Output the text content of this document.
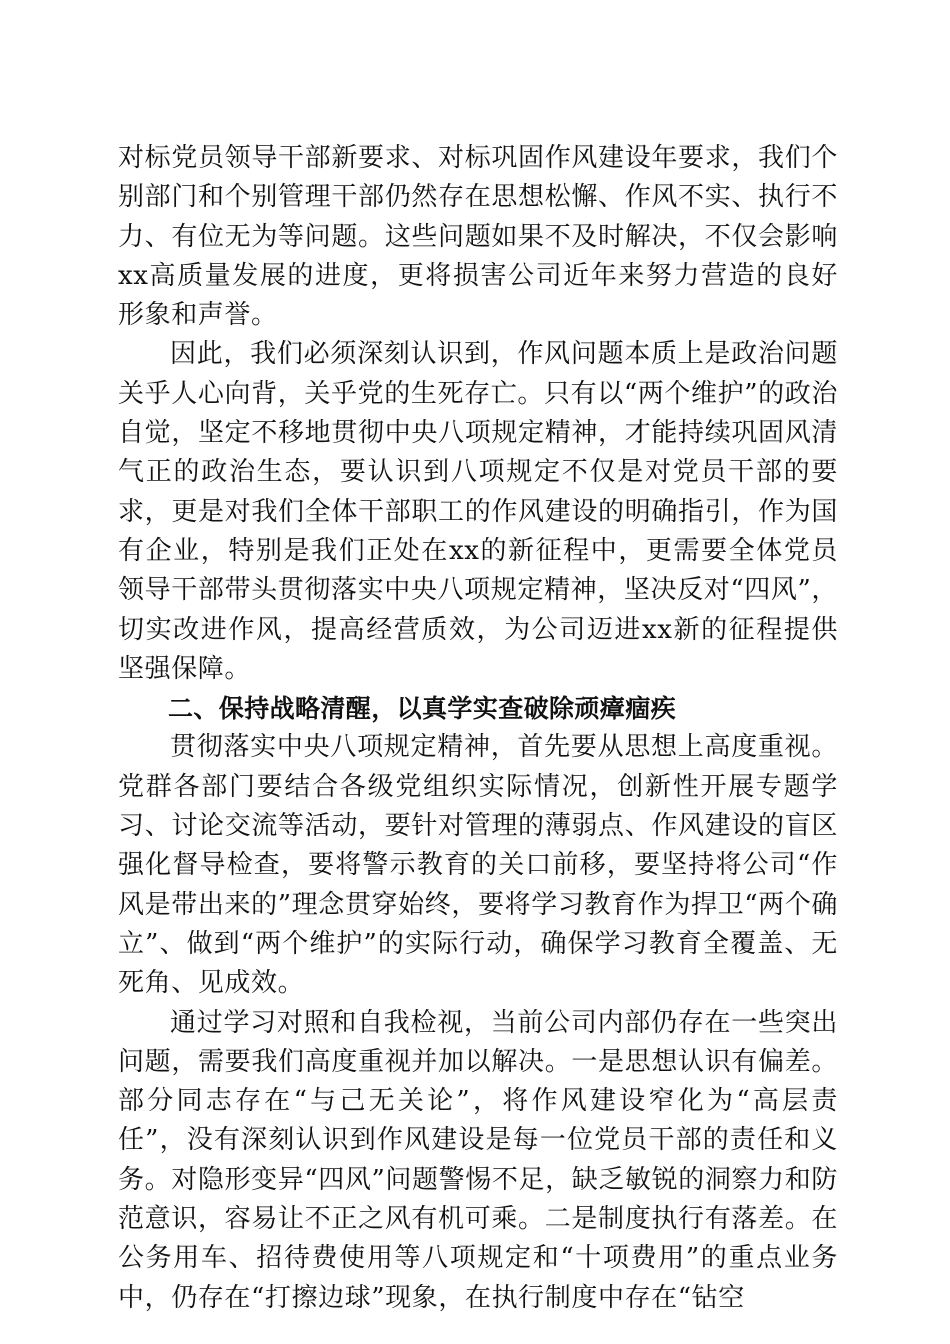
对标党员领导干部新要求、对标巩固作风建设年要求，我们个别部门和个别管理干部仍然存在思想松懈、作风不实、执行不力、有位无为等问题。这些问题如果不及时解决，不仅会影响xx高质量发展的进度，更将损害公司近年来努力营造的良好形象和声誉。

因此，我们必须深刻认识到，作风问题本质上是政治问题关乎人心向背，关乎党的生死存亡。只有以“两个维护”的政治自觉，坚定不移地贯彻中央八项规定精神，才能持续巩固风清气正的政治生态，要认识到八项规定不仅是对党员干部的要求，更是对我们全体干部职工的作风建设的明确指引，作为国有企业，特别是我们正处在xx的新征程中，更需要全体党员领导干部带头贯彻落实中央八项规定精神，坚决反对“四风”，切实改进作风，提高经营质效，为公司迈进xx新的征程提供坚强保障。

二、保持战略清醒，以真学实查破除顽瘴痼疾

贯彻落实中央八项规定精神，首先要从思想上高度重视。党群各部门要结合各级党组织实际情况，创新性开展专题学习、讨论交流等活动，要针对管理的薄弱点、作风建设的盲区强化督导检查，要将警示教育的关口前移，要坚持将公司“作风是带出来的”理念贯穿始终，要将学习教育作为捍卫“两个确立”、做到“两个维护”的实际行动，确保学习教育全覆盖、无死角、见成效。

通过学习对照和自我检视，当前公司内部仍存在一些突出问题，需要我们高度重视并加以解决。一是思想认识有偏差。部分同志存在“与己无关论”，将作风建设窄化为“高层责任”，没有深刻认识到作风建设是每一位党员干部的责任和义务。对隐形变异“四风”问题警惕不足，缺乏敏锐的洞察力和防范意识，容易让不正之风有机可乘。二是制度执行有落差。在公务用车、招待费使用等八项规定和“十项费用”的重点业务中，仍存在“打擦边球”现象，在执行制度中存在“钻空
